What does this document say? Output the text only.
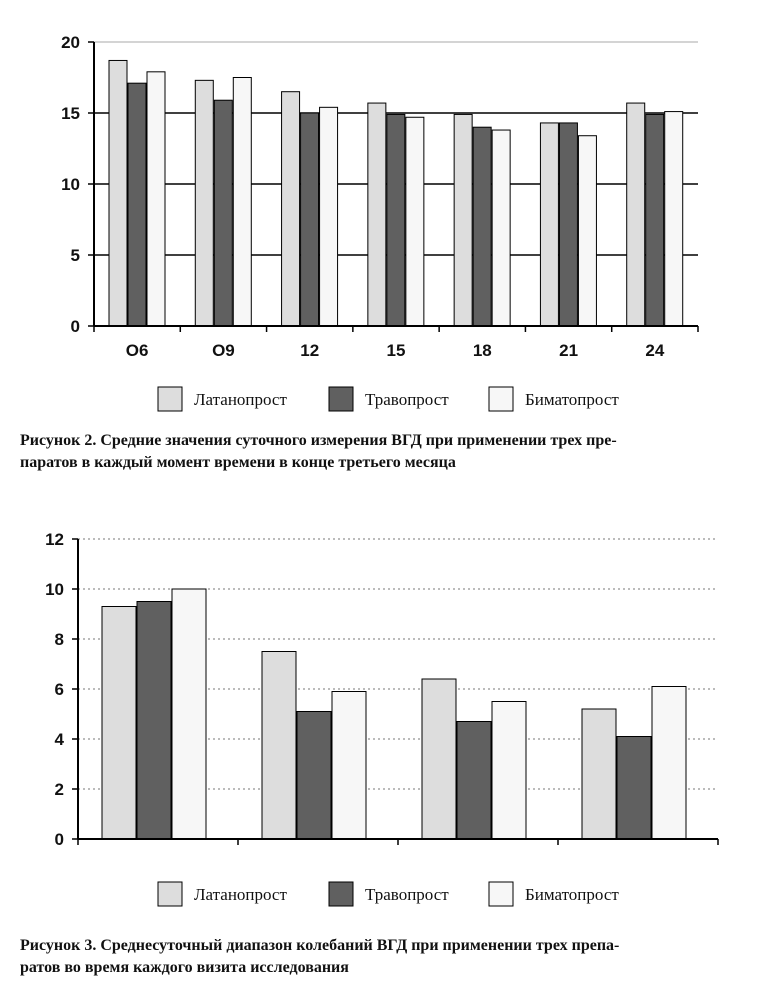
0
5
10
15
20
О6	О9	12	15	18	21	24
Латанопрост	Травопрост	Биматопрост

Рисунок 2. Средние значения суточного измерения ВГД при применении трех пре-
паратов в каждый момент времени в конце третьего месяца

0
2
4
6
8
10
12
Латанопрост	Травопрост	Биматопрост

Рисунок 3. Среднесуточный диапазон колебаний ВГД при применении трех препа-
ратов во время каждого визита исследования
